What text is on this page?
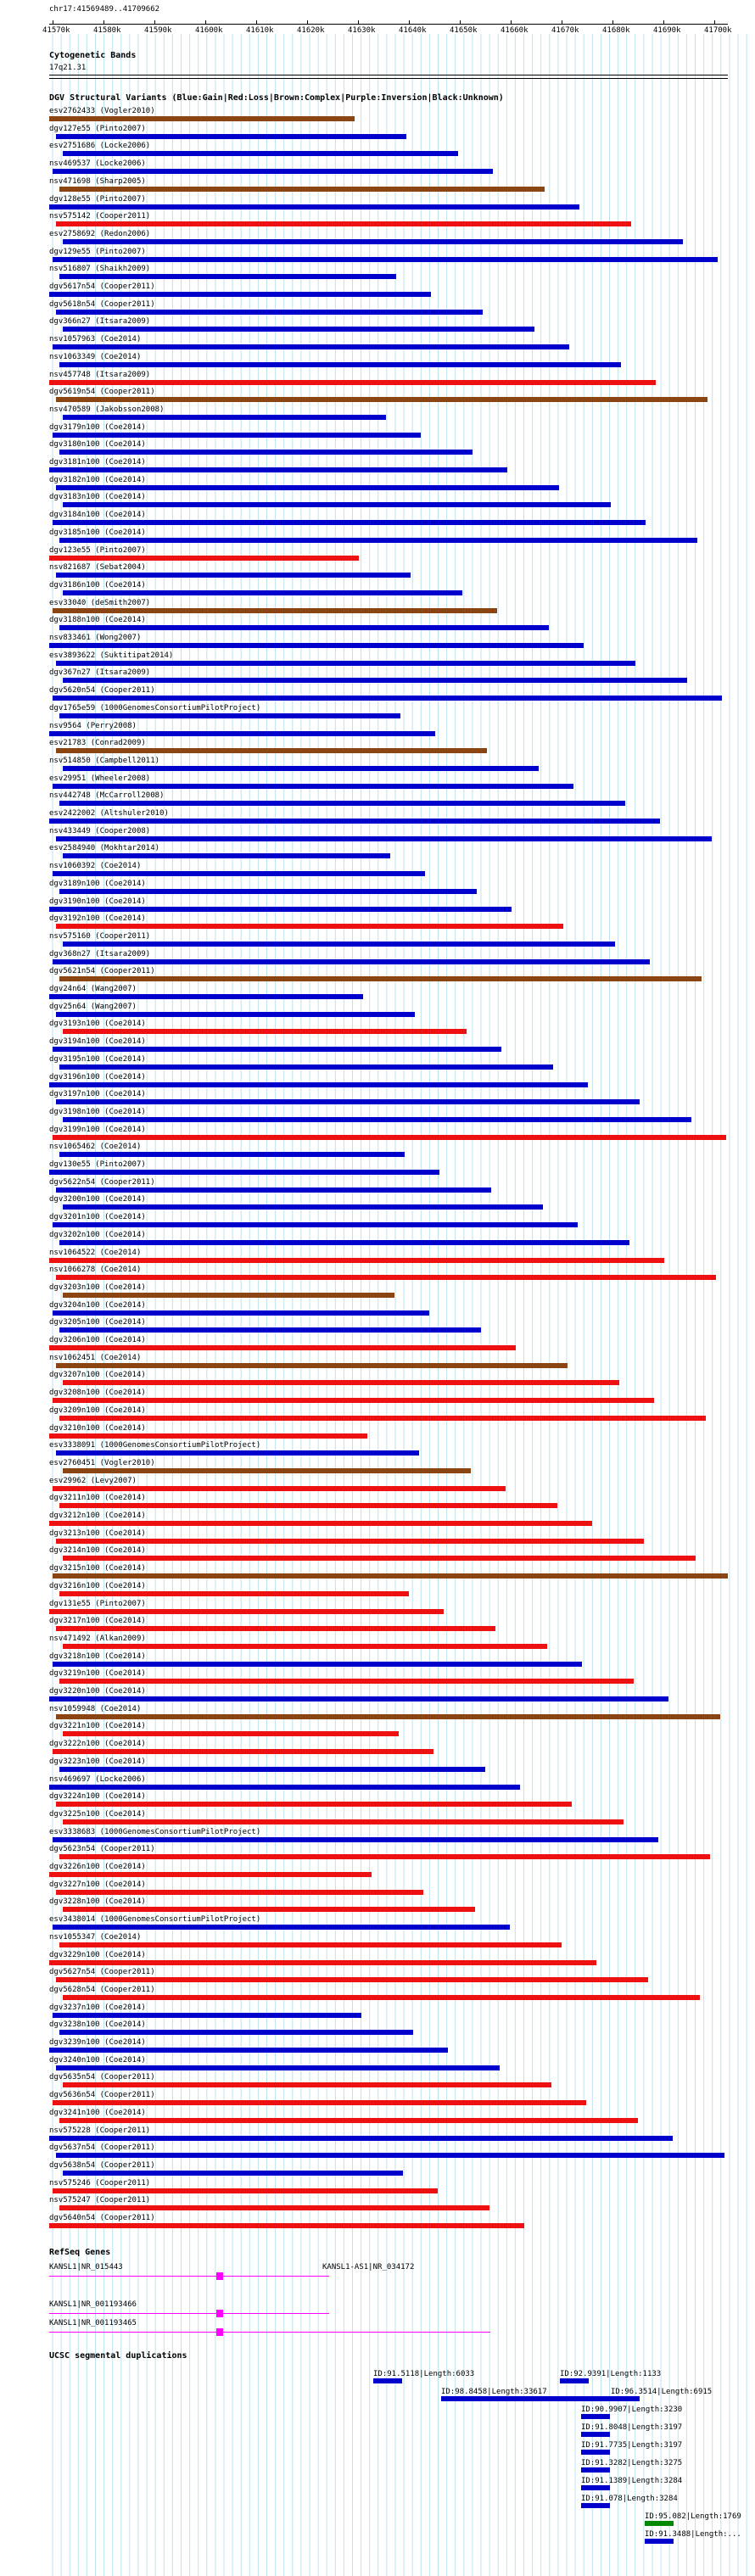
chr17:41569489..41709662
41570k	41580k	41590k	41600k	41610k	41620k	41630k	41640k	41650k	41660k	41670k	41680k	41690k	41700k
Cytogenetic Bands
17q21.31
DGV Structural Variants (Blue:Gain|Red:Loss|Brown:Complex|Purple:Inversion|Black:Unknown)
esv2762433 (Vogler2010)
dgv127e55 (Pinto2007)
esv2751686 (Locke2006)
nsv469537 (Locke2006)
nsv471698 (Sharp2005)
dgv128e55 (Pinto2007)
nsv575142 (Cooper2011)
esv2758692 (Redon2006)
dgv129e55 (Pinto2007)
nsv516807 (Shaikh2009)
dgv5617n54 (Cooper2011)
dgv5618n54 (Cooper2011)
dgv366n27 (Itsara2009)
nsv1057963 (Coe2014)
nsv1063349 (Coe2014)
nsv457748 (Itsara2009)
dgv5619n54 (Cooper2011)
nsv470589 (Jakobsson2008)
dgv3179n100 (Coe2014)
dgv3180n100 (Coe2014)
dgv3181n100 (Coe2014)
dgv3182n100 (Coe2014)
dgv3183n100 (Coe2014)
dgv3184n100 (Coe2014)
dgv3185n100 (Coe2014)
dgv123e55 (Pinto2007)
nsv821687 (Sebat2004)
dgv3186n100 (Coe2014)
esv33040 (deSmith2007)
dgv3188n100 (Coe2014)
nsv833461 (Wong2007)
esv3893622 (Suktitipat2014)
dgv367n27 (Itsara2009)
dgv5620n54 (Cooper2011)
dgv1765e59 (1000GenomesConsortiumPilotProject)
nsv9564 (Perry2008)
esv21783 (Conrad2009)
nsv514850 (Campbell2011)
esv29951 (Wheeler2008)
nsv442748 (McCarroll2008)
esv2422002 (Altshuler2010)
nsv433449 (Cooper2008)
esv2584940 (Mokhtar2014)
nsv1060392 (Coe2014)
dgv3189n100 (Coe2014)
dgv3190n100 (Coe2014)
dgv3192n100 (Coe2014)
nsv575160 (Cooper2011)
dgv368n27 (Itsara2009)
dgv5621n54 (Cooper2011)
dgv24n64 (Wang2007)
dgv25n64 (Wang2007)
dgv3193n100 (Coe2014)
dgv3194n100 (Coe2014)
dgv3195n100 (Coe2014)
dgv3196n100 (Coe2014)
dgv3197n100 (Coe2014)
dgv3198n100 (Coe2014)
dgv3199n100 (Coe2014)
nsv1065462 (Coe2014)
dgv130e55 (Pinto2007)
dgv5622n54 (Cooper2011)
dgv3200n100 (Coe2014)
dgv3201n100 (Coe2014)
dgv3202n100 (Coe2014)
nsv1064522 (Coe2014)
nsv1066278 (Coe2014)
dgv3203n100 (Coe2014)
dgv3204n100 (Coe2014)
dgv3205n100 (Coe2014)
dgv3206n100 (Coe2014)
nsv1062451 (Coe2014)
dgv3207n100 (Coe2014)
dgv3208n100 (Coe2014)
dgv3209n100 (Coe2014)
dgv3210n100 (Coe2014)
esv3338091 (1000GenomesConsortiumPilotProject)
esv2760451 (Vogler2010)
esv29962 (Levy2007)
dgv3211n100 (Coe2014)
dgv3212n100 (Coe2014)
dgv3213n100 (Coe2014)
dgv3214n100 (Coe2014)
dgv3215n100 (Coe2014)
dgv3216n100 (Coe2014)
dgv131e55 (Pinto2007)
dgv3217n100 (Coe2014)
nsv471492 (Alkan2009)
dgv3218n100 (Coe2014)
dgv3219n100 (Coe2014)
dgv3220n100 (Coe2014)
nsv1059948 (Coe2014)
dgv3221n100 (Coe2014)
dgv3222n100 (Coe2014)
dgv3223n100 (Coe2014)
nsv469697 (Locke2006)
dgv3224n100 (Coe2014)
dgv3225n100 (Coe2014)
esv3338683 (1000GenomesConsortiumPilotProject)
dgv5623n54 (Cooper2011)
dgv3226n100 (Coe2014)
dgv3227n100 (Coe2014)
dgv3228n100 (Coe2014)
esv3438014 (1000GenomesConsortiumPilotProject)
nsv1055347 (Coe2014)
dgv3229n100 (Coe2014)
dgv5627n54 (Cooper2011)
dgv5628n54 (Cooper2011)
dgv3237n100 (Coe2014)
dgv3238n100 (Coe2014)
dgv3239n100 (Coe2014)
dgv3240n100 (Coe2014)
dgv5635n54 (Cooper2011)
dgv5636n54 (Cooper2011)
dgv3241n100 (Coe2014)
nsv575228 (Cooper2011)
dgv5637n54 (Cooper2011)
dgv5638n54 (Cooper2011)
nsv575246 (Cooper2011)
nsv575247 (Cooper2011)
dgv5640n54 (Cooper2011)
RefSeq Genes
KANSL1|NR_015443	KANSL1-AS1|NR_034172
KANSL1|NR_001193466
KANSL1|NR_001193465
UCSC segmental duplications
ID:91.5118|Length:6033	ID:92.9391|Length:1133
ID:98.8458|Length:33617	ID:96.3514|Length:6915
ID:90.9907|Length:3230
ID:91.8048|Length:3197
ID:91.7735|Length:3197
ID:91.3282|Length:3275
ID:91.1389|Length:3284
ID:91.078|Length:3284
ID:95.082|Length:1769
ID:91.3488|Length:...
